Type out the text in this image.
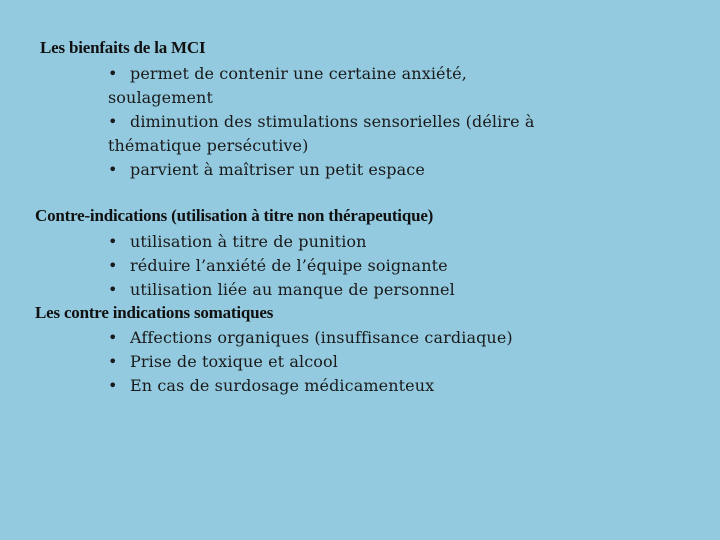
Les bienfaits de la MCI
• permet de contenir une certaine anxiété,
soulagement
• diminution des stimulations sensorielles (délire à
thématique persécutive)
• parvient à maîtriser un petit espace
Contre-indications (utilisation à titre non thérapeutique)
• utilisation à titre de punition
• réduire l’anxiété de l’équipe soignante
• utilisation liée au manque de personnel
Les contre indications somatiques
• Affections organiques (insuffisance cardiaque)
• Prise de toxique et alcool
• En cas de surdosage médicamenteux
